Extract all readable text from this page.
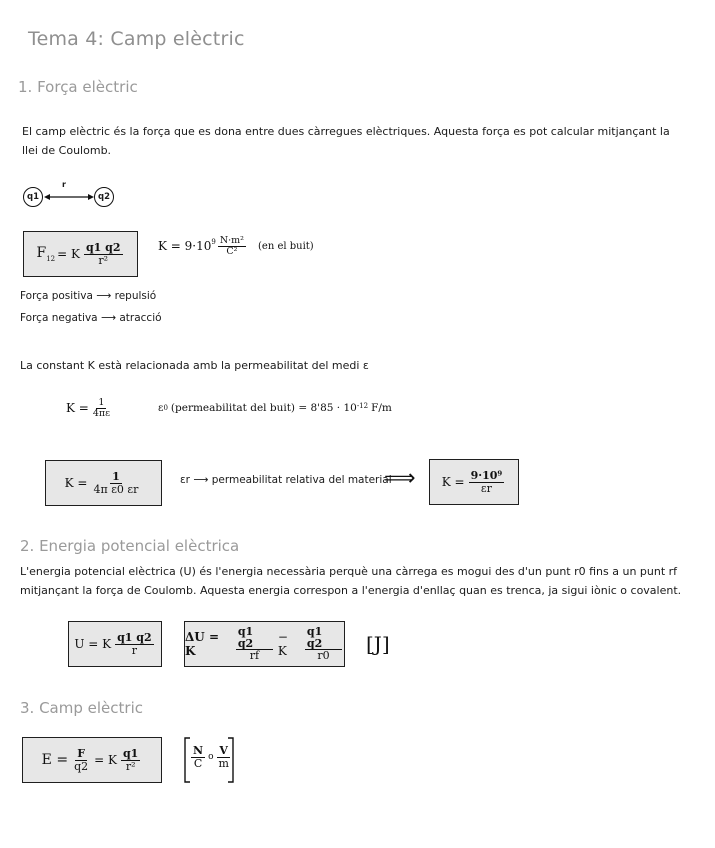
Tema 4: Camp elèctric
1. Força elèctric
El camp elèctric és la força que es dona entre dues càrregues elèctriques. Aquesta força es pot calcular mitjançant la llei de Coulomb.
q1
r
q2
$F_{12} = K \frac{q1 q2}{\text{r²}}$	$K = 9\cdot 10^9 \frac{\text{N·m²}}{\text{C²}} (en$ el buit)
Força positiva ⟶ repulsió
Força negativa ⟶ atracció
La constant K està relacionada amb la permeabilitat del medi ε
$K = \frac{1}{4\pi\varepsilon}$	ε 0 (permeabilitat del buit) = 8'85 · 10 -12 F/m
$K = \frac{1}{\text{4π ε0 εr}}$	εr ⟶ permeabilitat relativa del material
⟹ $K = \frac{\text{9·10⁹}}{\varepsilon r}$
2. Energia potencial elèctrica
L'energia potencial elèctrica (U) és l'energia necessària perquè una càrrega es mogui des d'un punt r0 fins a un punt rf mitjançant la força de Coulomb. Aquesta energia correspon a l'energia d'enllaç quan es trenca, ja sigui iònic o covalent.
U = K $\frac{q1 q2}{r}$	ΔU = K	$\frac{q1 q2}{rf} - K$	$\frac{q1 q2}{r0} [J]$
3. Camp elèctric
$E = \frac{F}{q2} = K \frac{q1}{\text{r²}}$	$\frac{N}{C}$ o $\frac{V}{m}$
